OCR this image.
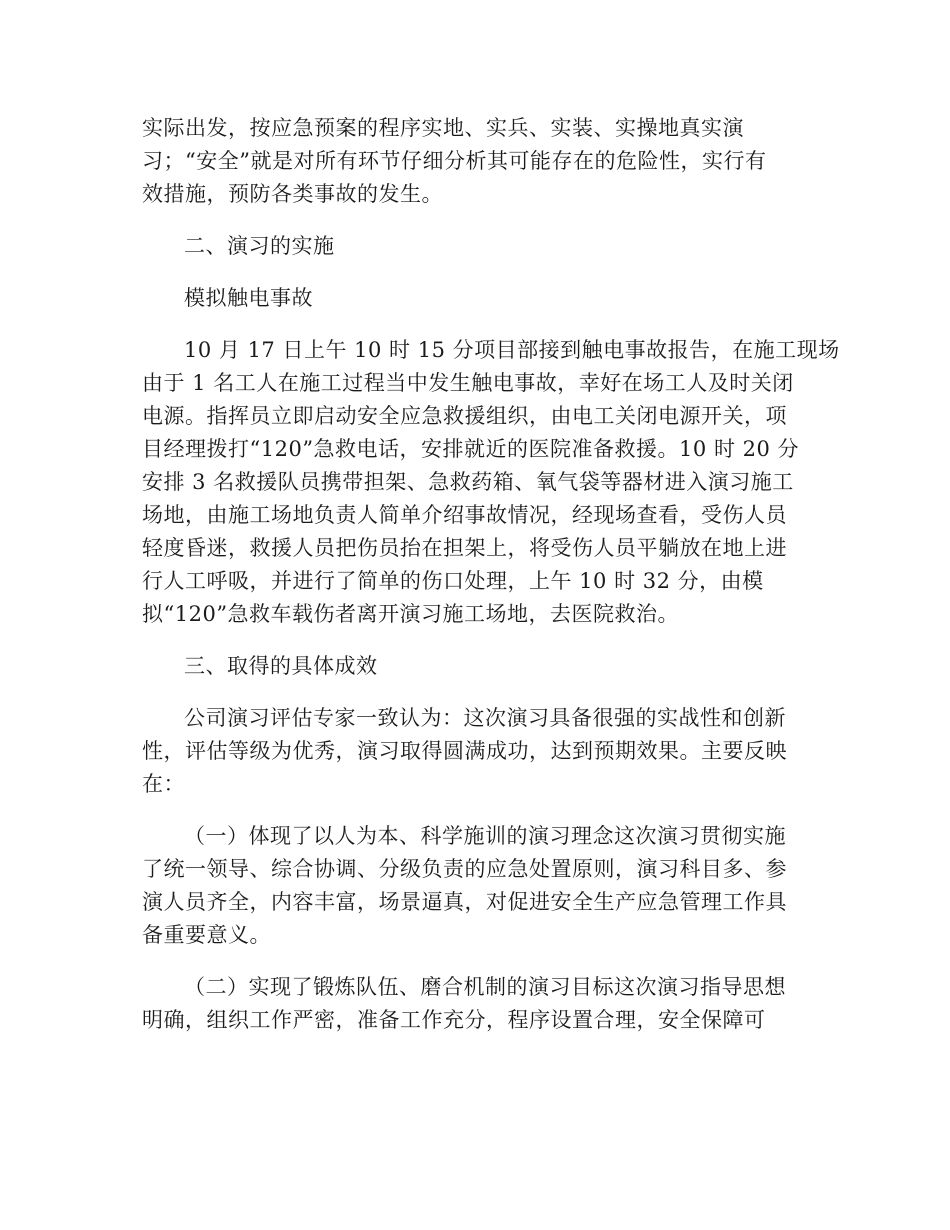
实际出发，按应急预案的程序实地、实兵、实装、实操地真实演
习；“安全”就是对所有环节仔细分析其可能存在的危险性，实行有
效措施，预防各类事故的发生。
二、演习的实施
模拟触电事故
10 月 17 日上午 10 时 15 分项目部接到触电事故报告，在施工现场
由于 1 名工人在施工过程当中发生触电事故，幸好在场工人及时关闭
电源。指挥员立即启动安全应急救援组织，由电工关闭电源开关，项
目经理拨打“120”急救电话，安排就近的医院准备救援。10 时 20 分
安排 3 名救援队员携带担架、急救药箱、氧气袋等器材进入演习施工
场地，由施工场地负责人简单介绍事故情况，经现场查看，受伤人员
轻度昏迷，救援人员把伤员抬在担架上，将受伤人员平躺放在地上进
行人工呼吸，并进行了简单的伤口处理，上午 10 时 32 分，由模
拟“120”急救车载伤者离开演习施工场地，去医院救治。
三、取得的具体成效
公司演习评估专家一致认为：这次演习具备很强的实战性和创新
性，评估等级为优秀，演习取得圆满成功，达到预期效果。主要反映
在：
（一）体现了以人为本、科学施训的演习理念这次演习贯彻实施
了统一领导、综合协调、分级负责的应急处置原则，演习科目多、参
演人员齐全，内容丰富，场景逼真，对促进安全生产应急管理工作具
备重要意义。
（二）实现了锻炼队伍、磨合机制的演习目标这次演习指导思想
明确，组织工作严密，准备工作充分，程序设置合理，安全保障可
